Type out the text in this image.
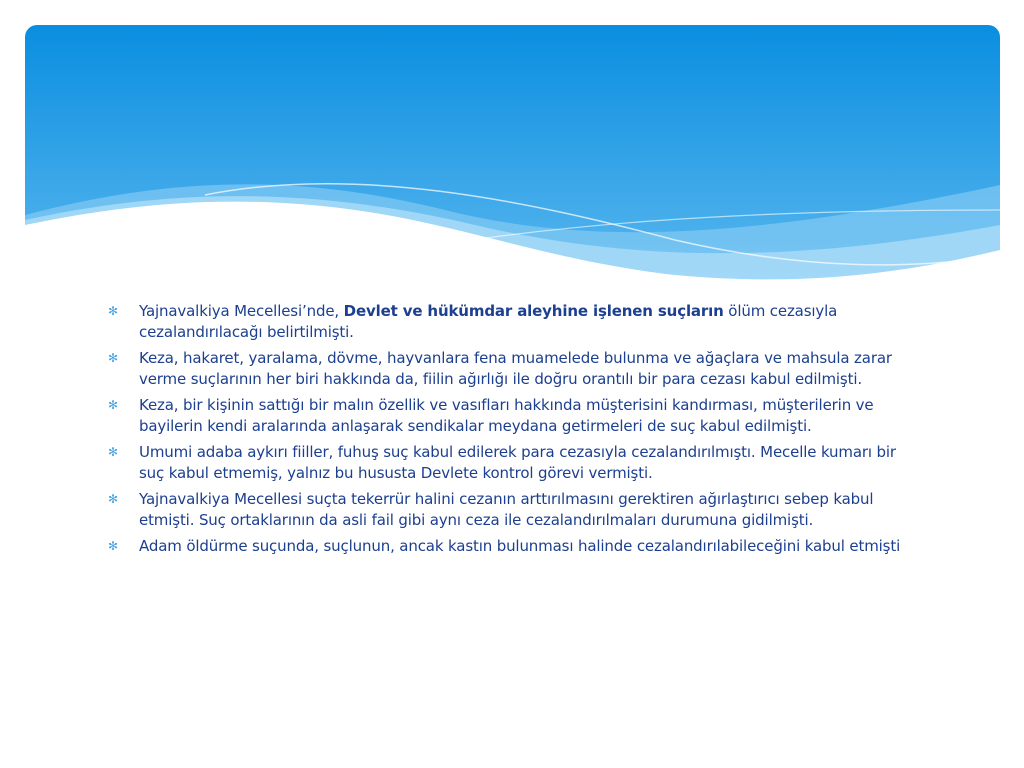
✻ Yajnavalkiya Mecellesi’nde, Devlet ve hükümdar aleyhine işlenen suçların ölüm cezasıyla cezalandırılacağı belirtilmişti.
✻ Keza, hakaret, yaralama, dövme, hayvanlara fena muamelede bulunma ve ağaçlara ve mahsula zarar verme suçlarının her biri hakkında da, fiilin ağırlığı ile doğru orantılı bir para cezası kabul edilmişti.
✻ Keza, bir kişinin sattığı bir malın özellik ve vasıfları hakkında müşterisini kandırması, müşterilerin ve bayilerin kendi aralarında anlaşarak sendikalar meydana getirmeleri de suç kabul edilmişti.
✻ Umumi adaba aykırı fiiller, fuhuş suç kabul edilerek para cezasıyla cezalandırılmıştı. Mecelle kumarı bir suç kabul etmemiş, yalnız bu hususta Devlete kontrol görevi vermişti.
✻ Yajnavalkiya Mecellesi suçta tekerrür halini cezanın arttırılmasını gerektiren ağırlaştırıcı sebep kabul etmişti. Suç ortaklarının da asli fail gibi aynı ceza ile cezalandırılmaları durumuna gidilmişti.
✻ Adam öldürme suçunda, suçlunun, ancak kastın bulunması halinde cezalandırılabileceğini kabul etmişti
